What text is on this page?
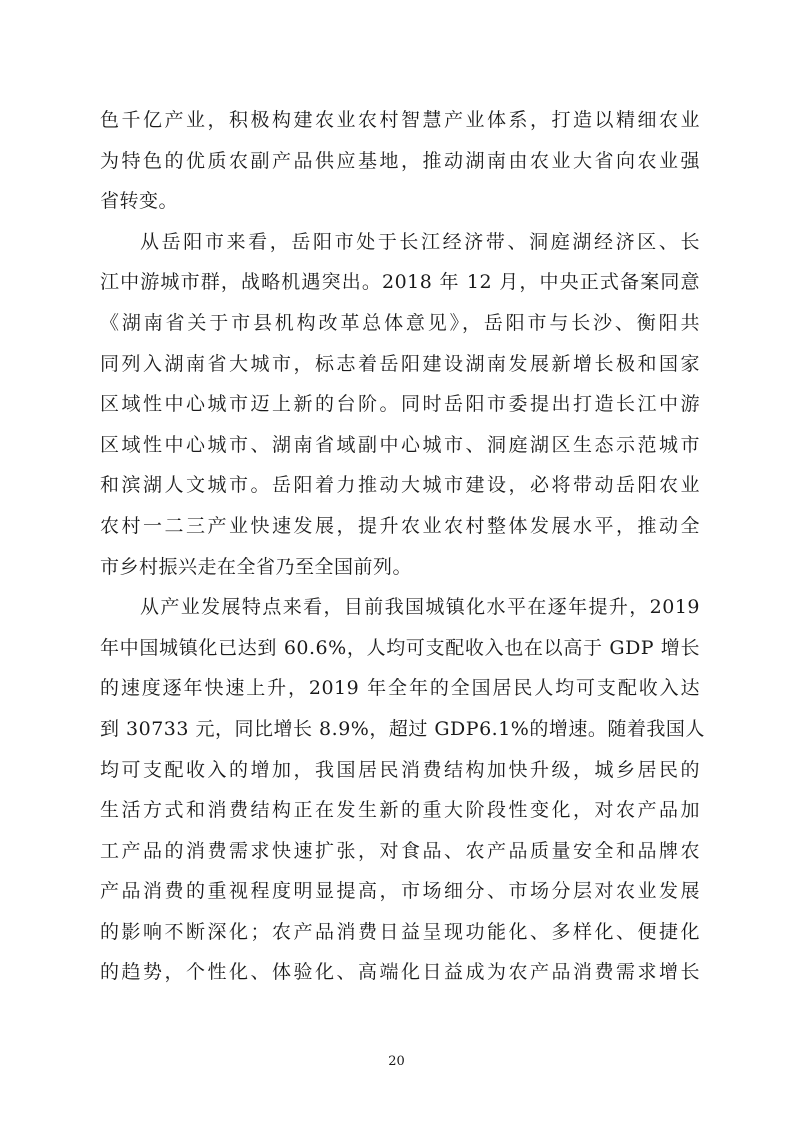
色千亿产业，积极构建农业农村智慧产业体系，打造以精细农业
为特色的优质农副产品供应基地，推动湖南由农业大省向农业强
省转变。
从岳阳市来看，岳阳市处于长江经济带、洞庭湖经济区、长
江中游城市群，战略机遇突出。2018 年 12 月，中央正式备案同意
《湖南省关于市县机构改革总体意见》，岳阳市与长沙、衡阳共
同列入湖南省大城市，标志着岳阳建设湖南发展新增长极和国家
区域性中心城市迈上新的台阶。同时岳阳市委提出打造长江中游
区域性中心城市、湖南省域副中心城市、洞庭湖区生态示范城市
和滨湖人文城市。岳阳着力推动大城市建设，必将带动岳阳农业
农村一二三产业快速发展，提升农业农村整体发展水平，推动全
市乡村振兴走在全省乃至全国前列。
从产业发展特点来看，目前我国城镇化水平在逐年提升，2019
年中国城镇化已达到 60.6%，人均可支配收入也在以高于 GDP 增长
的速度逐年快速上升，2019 年全年的全国居民人均可支配收入达
到 30733 元，同比增长 8.9%，超过 GDP6.1%的增速。随着我国人
均可支配收入的增加，我国居民消费结构加快升级，城乡居民的
生活方式和消费结构正在发生新的重大阶段性变化，对农产品加
工产品的消费需求快速扩张，对食品、农产品质量安全和品牌农
产品消费的重视程度明显提高，市场细分、市场分层对农业发展
的影响不断深化；农产品消费日益呈现功能化、多样化、便捷化
的趋势，个性化、体验化、高端化日益成为农产品消费需求增长
20
